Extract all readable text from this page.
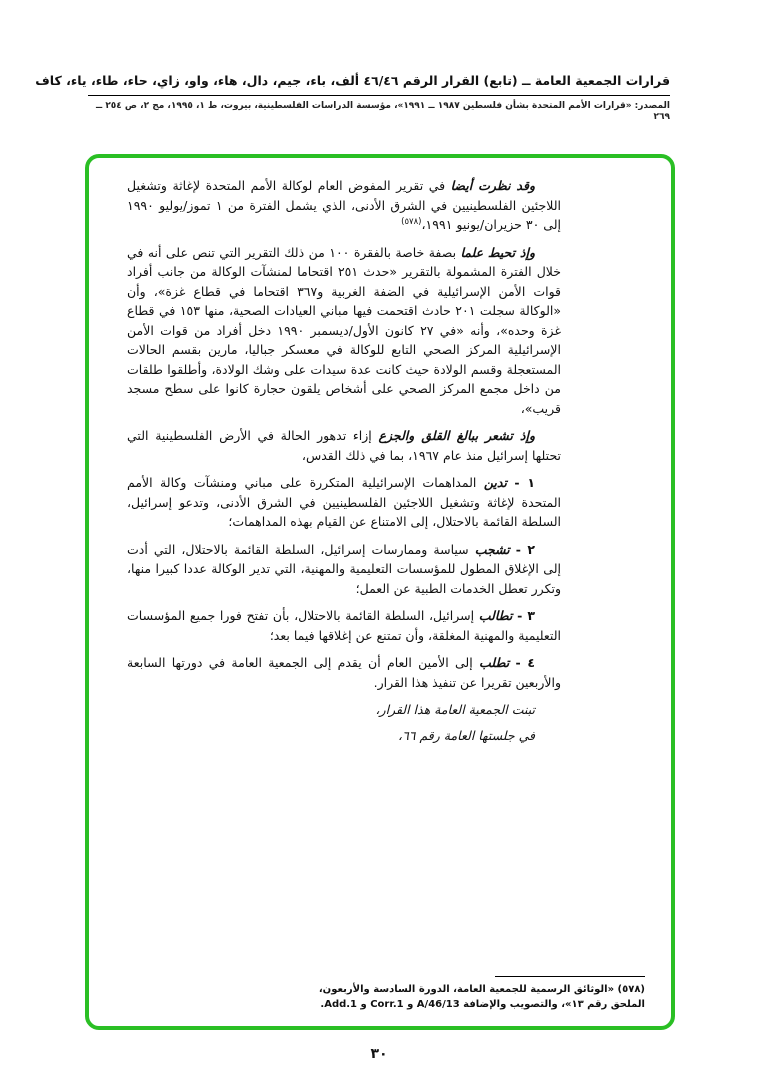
قرارات الجمعية العامة ــ (تابع) القرار الرقم ٤٦/٤٦ ألف، باء، جيم، دال، هاء، واو، زاي، حاء، طاء، ياء، كاف
المصدر: «قرارات الأمم المتحدة بشأن فلسطين ١٩٨٧ ــ ١٩٩١»، مؤسسة الدراسات الفلسطينية، بيروت، ط ١، ١٩٩٥، مج ٢، ص ٢٥٤ ــ ٢٦٩

وقد نظرت أيضا في تقرير المفوض العام لوكالة الأمم المتحدة لإغاثة وتشغيل اللاجئين الفلسطينيين في الشرق الأدنى، الذي يشمل الفترة من ١ تموز/يوليو ١٩٩٠ إلى ٣٠ حزيران/يونيو ١٩٩١،$^{(٥٧٨)}$

وإذ تحيط علما بصفة خاصة بالفقرة ١٠٠ من ذلك التقرير التي تنص على أنه في خلال الفترة المشمولة بالتقرير «حدث ٢٥١ اقتحاما لمنشآت الوكالة من جانب أفراد قوات الأمن الإسرائيلية في الضفة الغربية و٣٦٧ اقتحاما في قطاع غزة»، وأن «الوكالة سجلت ٢٠١ حادث اقتحمت فيها مباني العيادات الصحية، منها ١٥٣ في قطاع غزة وحده»، وأنه «في ٢٧ كانون الأول/ديسمبر ١٩٩٠ دخل أفراد من قوات الأمن الإسرائيلية المركز الصحي التابع للوكالة في معسكر جباليا، مارين بقسم الحالات المستعجلة وقسم الولادة حيث كانت عدة سيدات على وشك الولادة، وأطلقوا طلقات من داخل مجمع المركز الصحي على أشخاص يلقون حجارة كانوا على سطح مسجد قريب»،

وإذ تشعر ببالغ القلق والجزع إزاء تدهور الحالة في الأرض الفلسطينية التي تحتلها إسرائيل منذ عام ١٩٦٧، بما في ذلك القدس،

١ - تدين المداهمات الإسرائيلية المتكررة على مباني ومنشآت وكالة الأمم المتحدة لإغاثة وتشغيل اللاجئين الفلسطينيين في الشرق الأدنى، وتدعو إسرائيل، السلطة القائمة بالاحتلال، إلى الامتناع عن القيام بهذه المداهمات؛

٢ - تشجب سياسة وممارسات إسرائيل، السلطة القائمة بالاحتلال، التي أدت إلى الإغلاق المطول للمؤسسات التعليمية والمهنية، التي تدير الوكالة عددا كبيرا منها، وتكرر تعطل الخدمات الطبية عن العمل؛

٣ - تطالب إسرائيل، السلطة القائمة بالاحتلال، بأن تفتح فورا جميع المؤسسات التعليمية والمهنية المغلقة، وأن تمتنع عن إغلاقها فيما بعد؛

٤ - تطلب إلى الأمين العام أن يقدم إلى الجمعية العامة في دورتها السابعة والأربعين تقريرا عن تنفيذ هذا القرار.

تبنت الجمعية العامة هذا القرار،

في جلستها العامة رقم ٦٦،

(٥٧٨) «الوثائق الرسمية للجمعية العامة، الدورة السادسة والأربعون، الملحق رقم ١٣»، والتصويب والإضافة A/46/13 و Corr.1 و Add.1.
٣٠
